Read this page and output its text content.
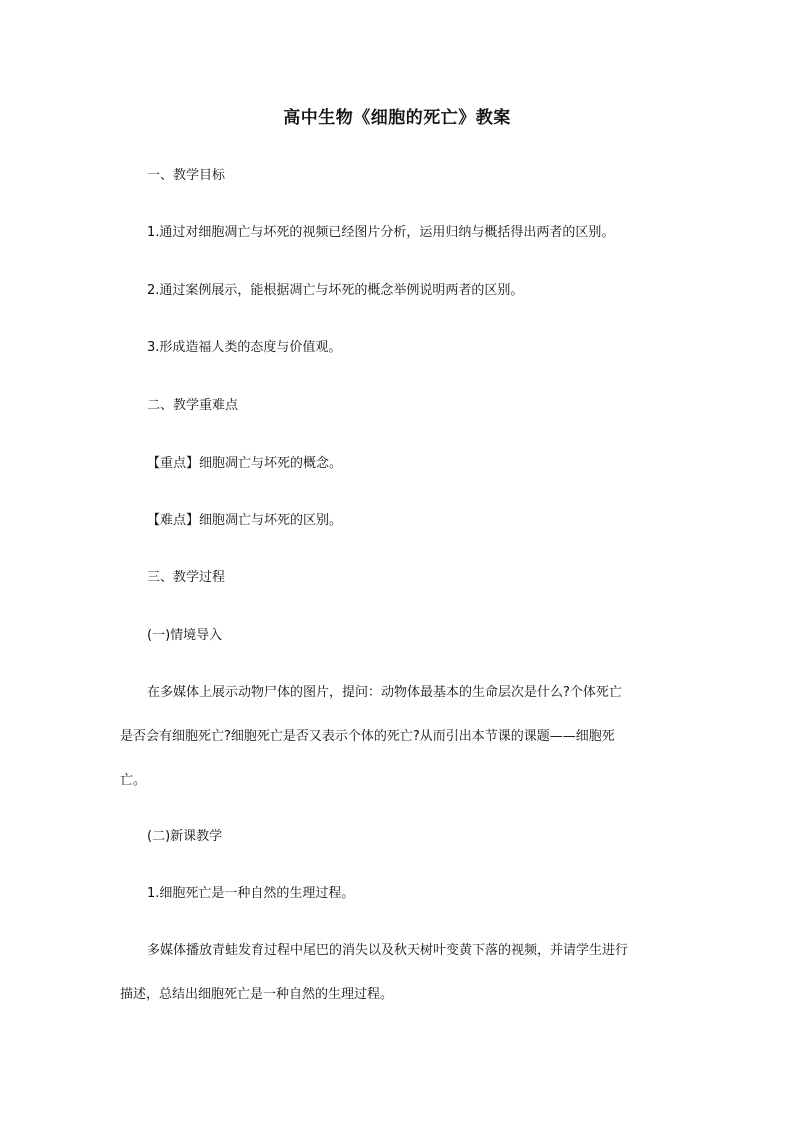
高中生物《细胞的死亡》教案
一、教学目标
1.通过对细胞凋亡与坏死的视频已经图片分析，运用归纳与概括得出两者的区别。
2.通过案例展示，能根据凋亡与坏死的概念举例说明两者的区别。
3.形成造福人类的态度与价值观。
二、教学重难点
【重点】细胞凋亡与坏死的概念。
【难点】细胞凋亡与坏死的区别。
三、教学过程
(一)情境导入
在多媒体上展示动物尸体的图片，提问：动物体最基本的生命层次是什么?个体死亡
是否会有细胞死亡?细胞死亡是否又表示个体的死亡?从而引出本节课的课题——细胞死
亡。
(二)新课教学
1.细胞死亡是一种自然的生理过程。
多媒体播放青蛙发育过程中尾巴的消失以及秋天树叶变黄下落的视频，并请学生进行
描述，总结出细胞死亡是一种自然的生理过程。
